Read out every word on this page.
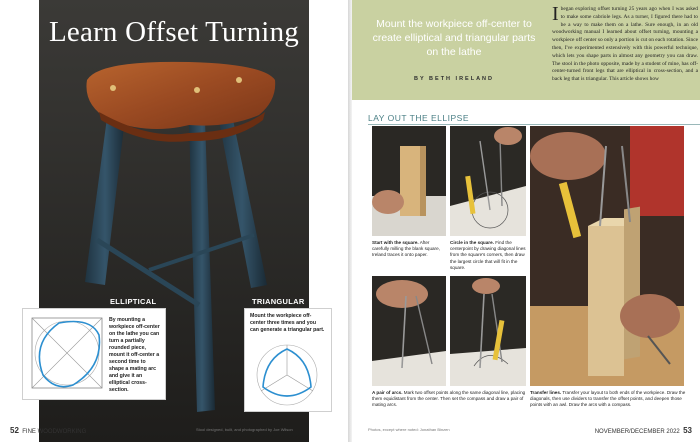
Learn Offset Turning
ELLIPTICAL	TRIANGULAR
By mounting a workpiece off-center on the lathe you can turn a partially rounded piece, mount it off-center a second time to shape a mating arc and give it an elliptical cross-section.
Mount the workpiece off-center three times and you can generate a triangular part.
52 FINE WOODWORKING	Stool designed, built, and photographed by Joe Wilson
Mount the workpiece off-center to create elliptical and triangular parts on the lathe
BY BETH IRELAND
Ibegan exploring offset turning 25 years ago when I was asked to make some cabriole legs. As a turner, I figured there had to be a way to make them on a lathe. Sure enough, in an old woodworking manual I learned about offset turning, mounting a workpiece off center so only a portion is cut on each rotation. Since then, I've experimented extensively with this powerful technique, which lets you shape parts in almost any geometry you can draw. The stool in the photo opposite, made by a student of mine, has off-center-turned front legs that are elliptical in cross-section, and a back leg that is triangular. This article shows how
LAY OUT THE ELLIPSE
Start with the square. After carefully milling the blank square, Ireland traces it onto paper.
Circle in the square. Find the centerpoint by drawing diagonal lines from the square's corners, then draw the largest circle that will fit in the square.
A pair of arcs. Mark two offset points along the same diagonal line, placing them equidistant from the center. Then set the compass and draw a pair of mating arcs.
Transfer lines. Transfer your layout to both ends of the workpiece. Draw the diagonals, then use dividers to transfer the offset points, and deepen those points with an awl. Draw the arcs with a compass.
Photos, except where noted: Jonathan Binzen	NOVEMBER/DECEMBER 2022 53
